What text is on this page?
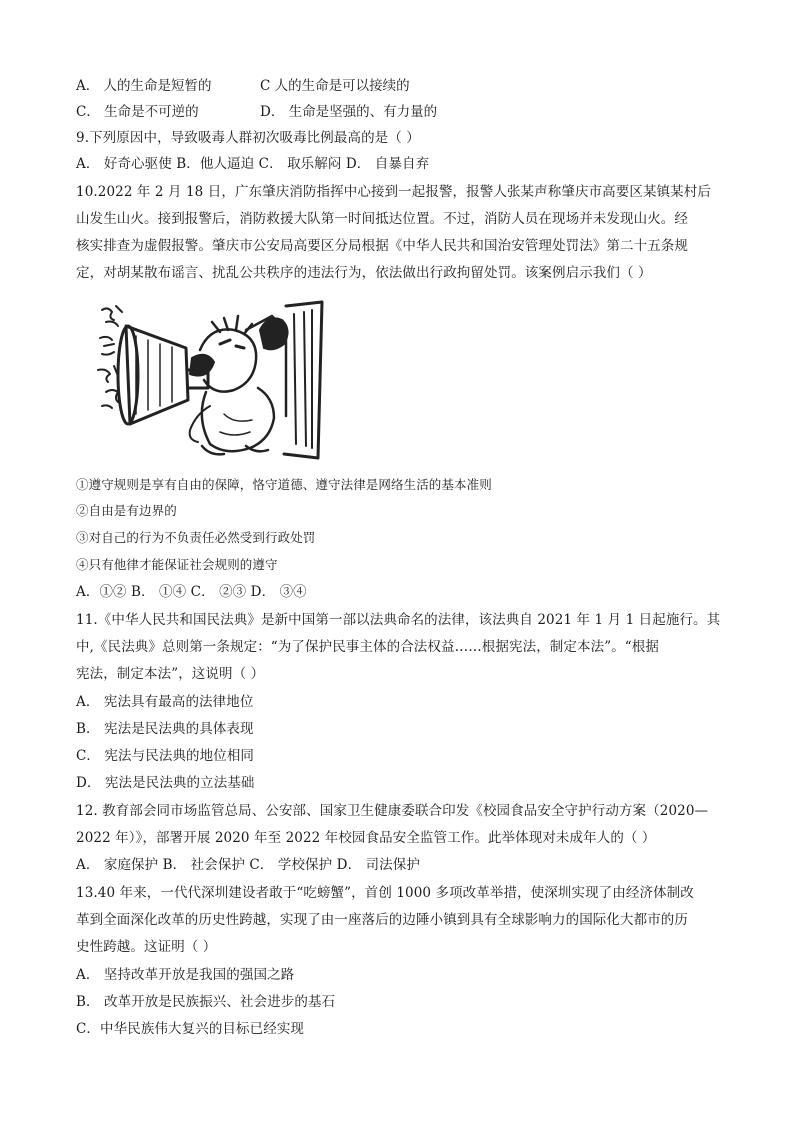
A． 人的生命是短暂的	C 人的生命是可以接续的
C． 生命是不可逆的	D． 生命是坚强的、有力量的
9.下列原因中，导致吸毒人群初次吸毒比例最高的是（ ）
A． 好奇心驱使 B．他人逼迫 C． 取乐解闷 D． 自暴自弃
10.2022 年 2 月 18 日，广东肇庆消防指挥中心接到一起报警，报警人张某声称肇庆市高要区某镇某村后
山发生山火。接到报警后，消防救援大队第一时间抵达位置。不过，消防人员在现场并未发现山火。经
核实排查为虚假报警。肇庆市公安局高要区分局根据《中华人民共和国治安管理处罚法》第二十五条规
定，对胡某散布谣言、扰乱公共秩序的违法行为，依法做出行政拘留处罚。该案例启示我们（ ）
①遵守规则是享有自由的保障，恪守道德、遵守法律是网络生活的基本准则
②自由是有边界的
③对自己的行为不负责任必然受到行政处罚
④只有他律才能保证社会规则的遵守
A．①② B． ①④ C． ②③ D． ③④
11.《中华人民共和国民法典》是新中国第一部以法典命名的法律，该法典自 2021 年 1 月 1 日起施行。其
中,《民法典》总则第一条规定：“为了保护民事主体的合法权益……根据宪法，制定本法”。“根据
宪法，制定本法”，这说明（ ）
A． 宪法具有最高的法律地位
B． 宪法是民法典的具体表现
C． 宪法与民法典的地位相同
D． 宪法是民法典的立法基础
12. 教育部会同市场监管总局、公安部、国家卫生健康委联合印发《校园食品安全守护行动方案（2020—
2022 年）》，部署开展 2020 年至 2022 年校园食品安全监管工作。此举体现对未成年人的（ ）
A． 家庭保护 B． 社会保护 C． 学校保护 D． 司法保护
13.40 年来，一代代深圳建设者敢于“吃螃蟹”，首创 1000 多项改革举措，使深圳实现了由经济体制改
革到全面深化改革的历史性跨越，实现了由一座落后的边陲小镇到具有全球影响力的国际化大都市的历
史性跨越。这证明（ ）
A． 坚持改革开放是我国的强国之路
B． 改革开放是民族振兴、社会进步的基石
C．中华民族伟大复兴的目标已经实现
